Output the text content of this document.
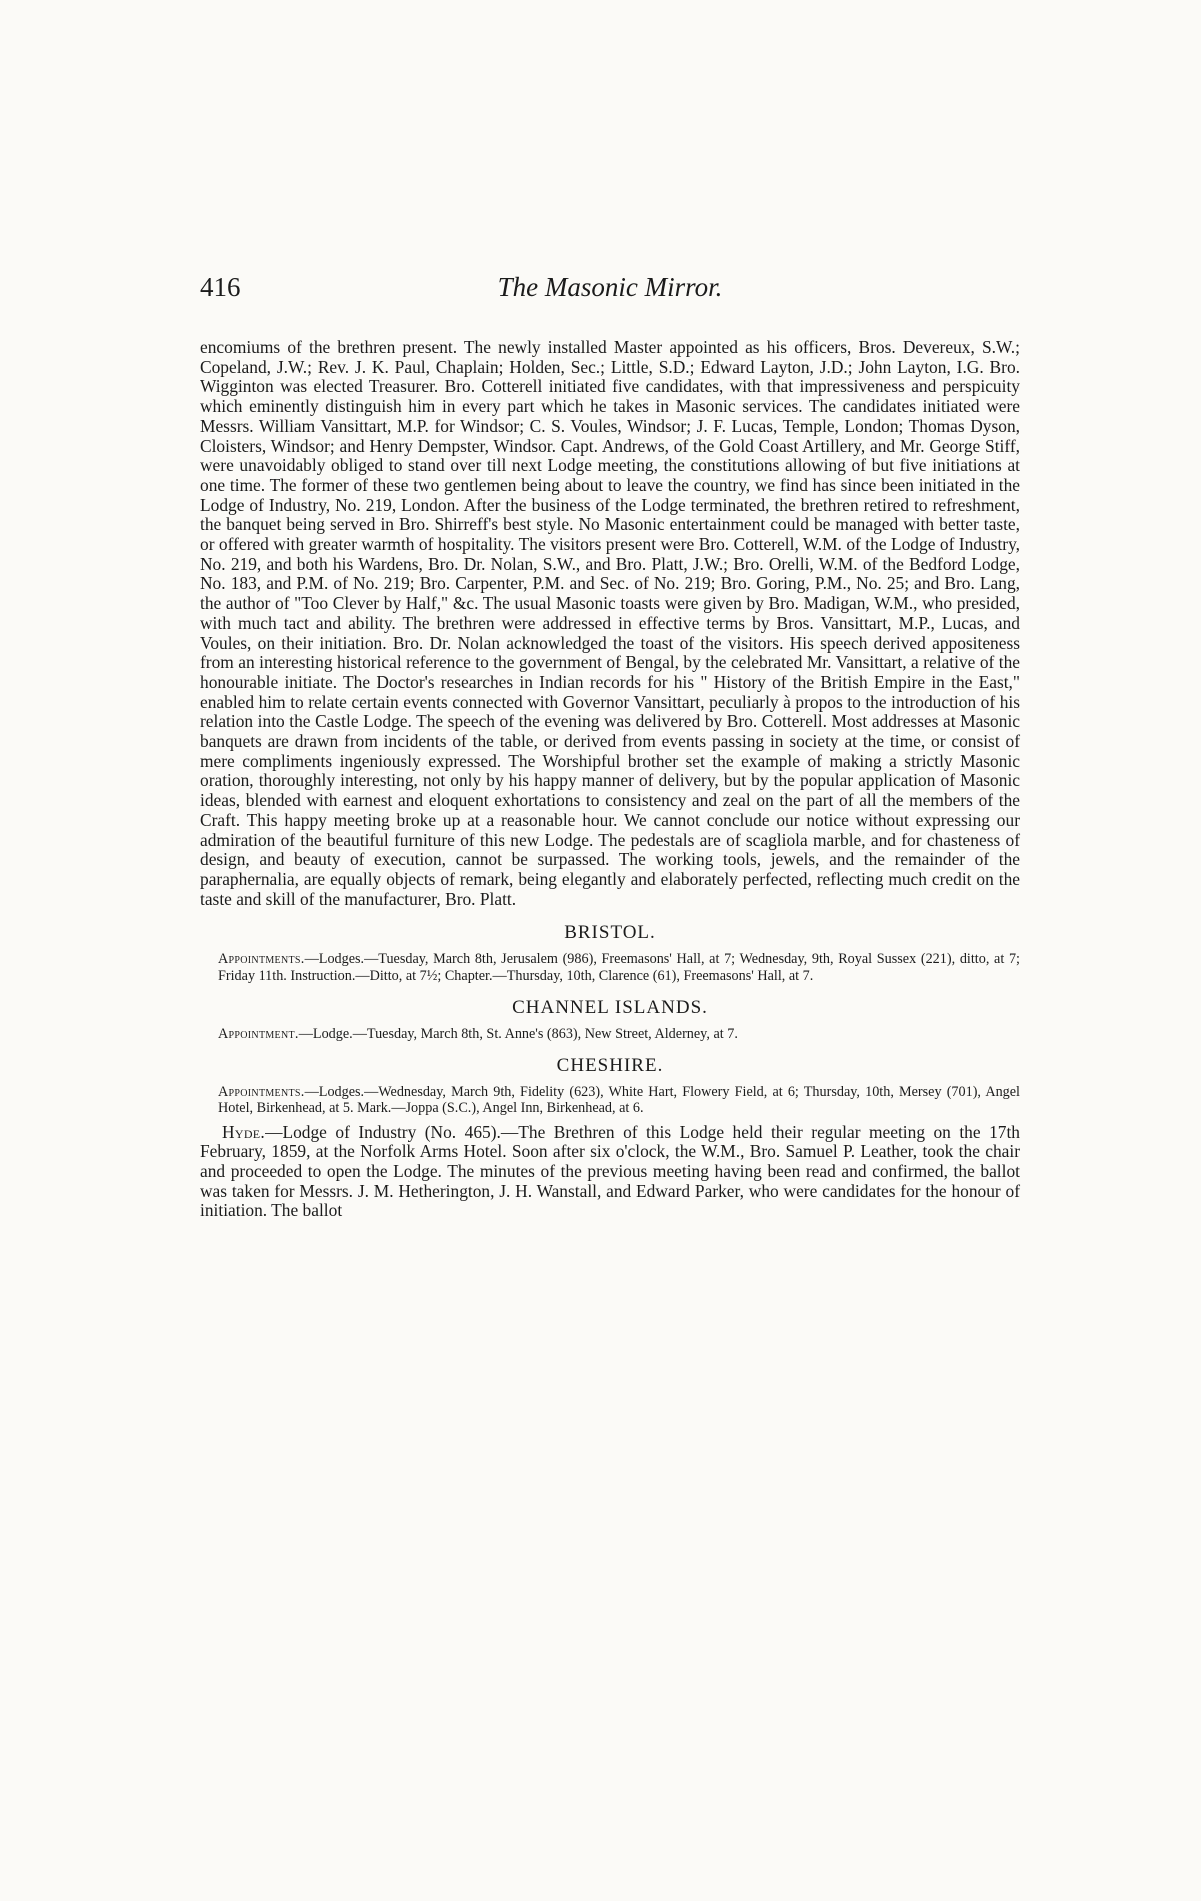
416	The Masonic Mirror.

encomiums of the brethren present. The newly installed Master appointed as his officers, Bros. Devereux, S.W.; Copeland, J.W.; Rev. J. K. Paul, Chaplain; Holden, Sec.; Little, S.D.; Edward Layton, J.D.; John Layton, I.G. Bro. Wigginton was elected Treasurer. Bro. Cotterell initiated five candidates, with that impressiveness and perspicuity which eminently distinguish him in every part which he takes in Masonic services. The candidates initiated were Messrs. William Vansittart, M.P. for Windsor; C. S. Voules, Windsor; J. F. Lucas, Temple, London; Thomas Dyson, Cloisters, Windsor; and Henry Dempster, Windsor. Capt. Andrews, of the Gold Coast Artillery, and Mr. George Stiff, were unavoidably obliged to stand over till next Lodge meeting, the constitutions allowing of but five initiations at one time. The former of these two gentlemen being about to leave the country, we find has since been initiated in the Lodge of Industry, No. 219, London. After the business of the Lodge terminated, the brethren retired to refreshment, the banquet being served in Bro. Shirreff's best style. No Masonic entertainment could be managed with better taste, or offered with greater warmth of hospitality. The visitors present were Bro. Cotterell, W.M. of the Lodge of Industry, No. 219, and both his Wardens, Bro. Dr. Nolan, S.W., and Bro. Platt, J.W.; Bro. Orelli, W.M. of the Bedford Lodge, No. 183, and P.M. of No. 219; Bro. Carpenter, P.M. and Sec. of No. 219; Bro. Goring, P.M., No. 25; and Bro. Lang, the author of "Too Clever by Half," &c. The usual Masonic toasts were given by Bro. Madigan, W.M., who presided, with much tact and ability. The brethren were addressed in effective terms by Bros. Vansittart, M.P., Lucas, and Voules, on their initiation. Bro. Dr. Nolan acknowledged the toast of the visitors. His speech derived appositeness from an interesting historical reference to the government of Bengal, by the celebrated Mr. Vansittart, a relative of the honourable initiate. The Doctor's researches in Indian records for his " History of the British Empire in the East," enabled him to relate certain events connected with Governor Vansittart, peculiarly à propos to the introduction of his relation into the Castle Lodge. The speech of the evening was delivered by Bro. Cotterell. Most addresses at Masonic banquets are drawn from incidents of the table, or derived from events passing in society at the time, or consist of mere compliments ingeniously expressed. The Worshipful brother set the example of making a strictly Masonic oration, thoroughly interesting, not only by his happy manner of delivery, but by the popular application of Masonic ideas, blended with earnest and eloquent exhortations to consistency and zeal on the part of all the members of the Craft. This happy meeting broke up at a reasonable hour. We cannot conclude our notice without expressing our admiration of the beautiful furniture of this new Lodge. The pedestals are of scagliola marble, and for chasteness of design, and beauty of execution, cannot be surpassed. The working tools, jewels, and the remainder of the paraphernalia, are equally objects of remark, being elegantly and elaborately perfected, reflecting much credit on the taste and skill of the manufacturer, Bro. Platt.

BRISTOL.

Appointments.—Lodges.—Tuesday, March 8th, Jerusalem (986), Freemasons' Hall, at 7; Wednesday, 9th, Royal Sussex (221), ditto, at 7; Friday 11th. Instruction.—Ditto, at 7½; Chapter.—Thursday, 10th, Clarence (61), Freemasons' Hall, at 7.

CHANNEL ISLANDS.

Appointment.—Lodge.—Tuesday, March 8th, St. Anne's (863), New Street, Alderney, at 7.

CHESHIRE.

Appointments.—Lodges.—Wednesday, March 9th, Fidelity (623), White Hart, Flowery Field, at 6; Thursday, 10th, Mersey (701), Angel Hotel, Birkenhead, at 5. Mark.—Joppa (S.C.), Angel Inn, Birkenhead, at 6.

Hyde.—Lodge of Industry (No. 465).—The Brethren of this Lodge held their regular meeting on the 17th February, 1859, at the Norfolk Arms Hotel. Soon after six o'clock, the W.M., Bro. Samuel P. Leather, took the chair and proceeded to open the Lodge. The minutes of the previous meeting having been read and confirmed, the ballot was taken for Messrs. J. M. Hetherington, J. H. Wanstall, and Edward Parker, who were candidates for the honour of initiation. The ballot
